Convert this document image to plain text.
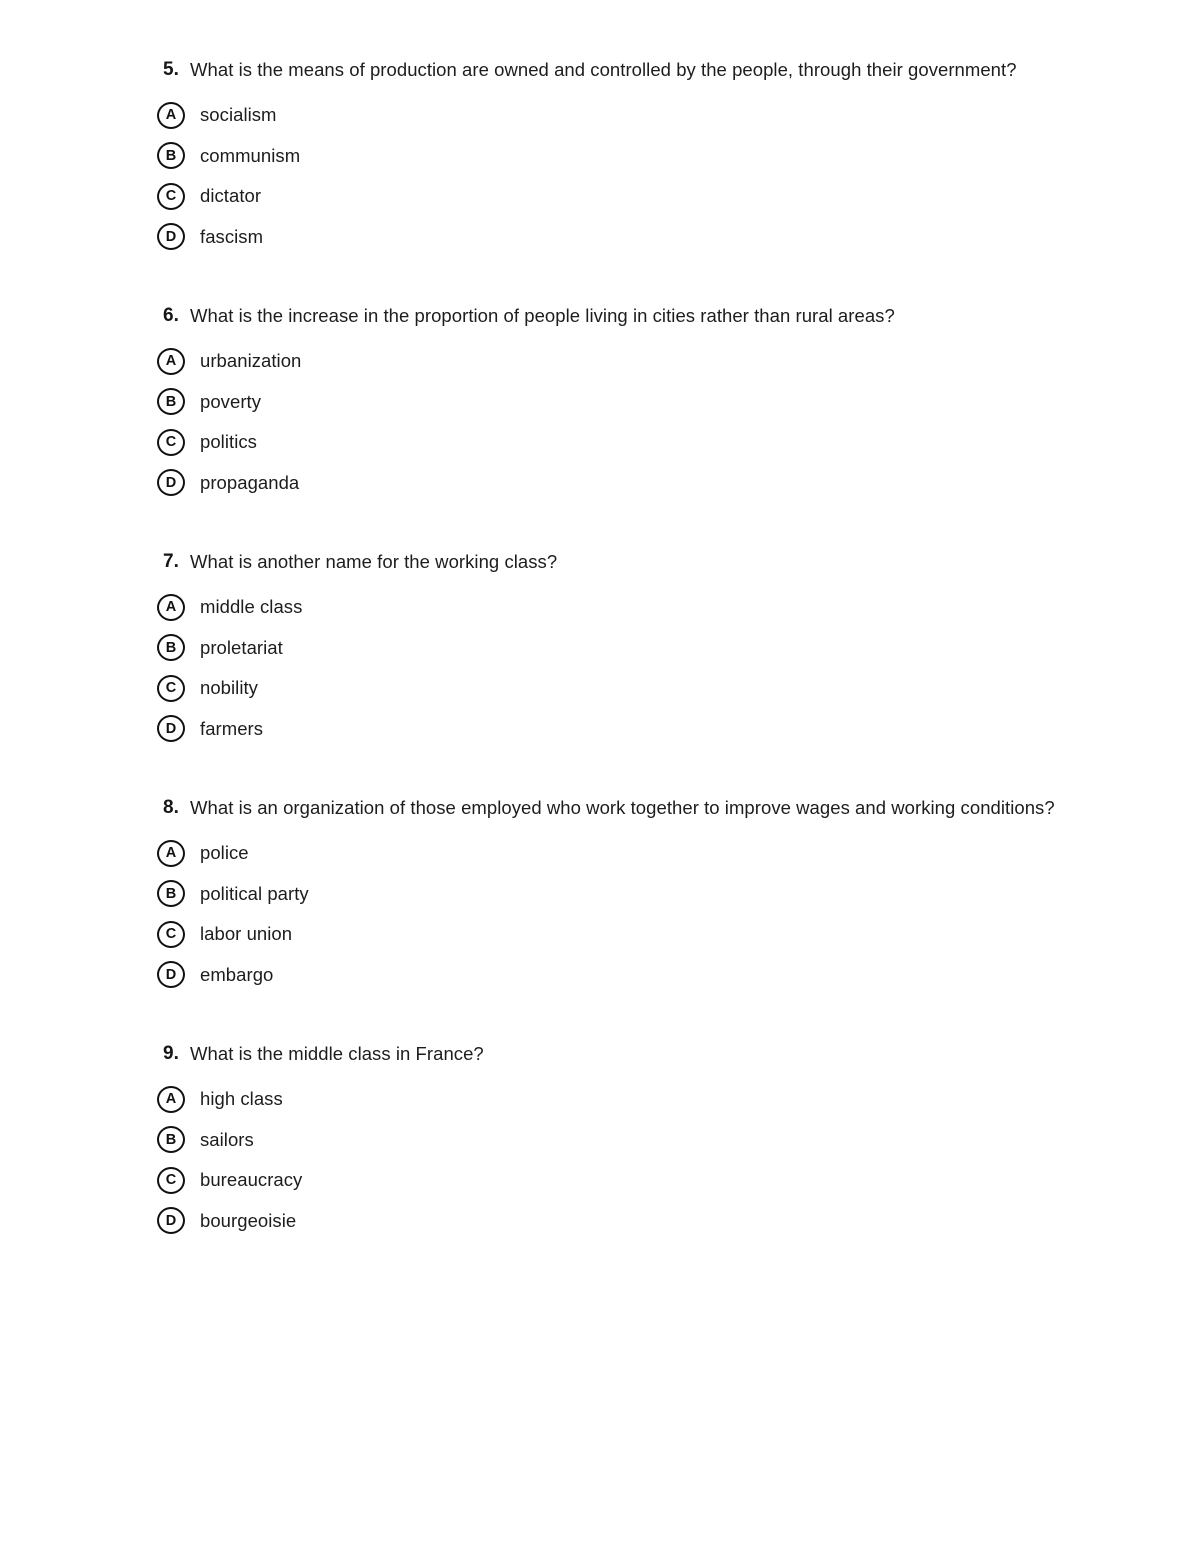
5. What is the means of production are owned and controlled by the people, through their government?
A	socialism
B	communism
C	dictator
D	fascism
6. What is the increase in the proportion of people living in cities rather than rural areas?
A	urbanization
B	poverty
C	politics
D	propaganda
7. What is another name for the working class?
A	middle class
B	proletariat
C	nobility
D	farmers
8. What is an organization of those employed who work together to improve wages and working conditions?
A	police
B	political party
C	labor union
D	embargo
9. What is the middle class in France?
A	high class
B	sailors
C	bureaucracy
D	bourgeoisie
